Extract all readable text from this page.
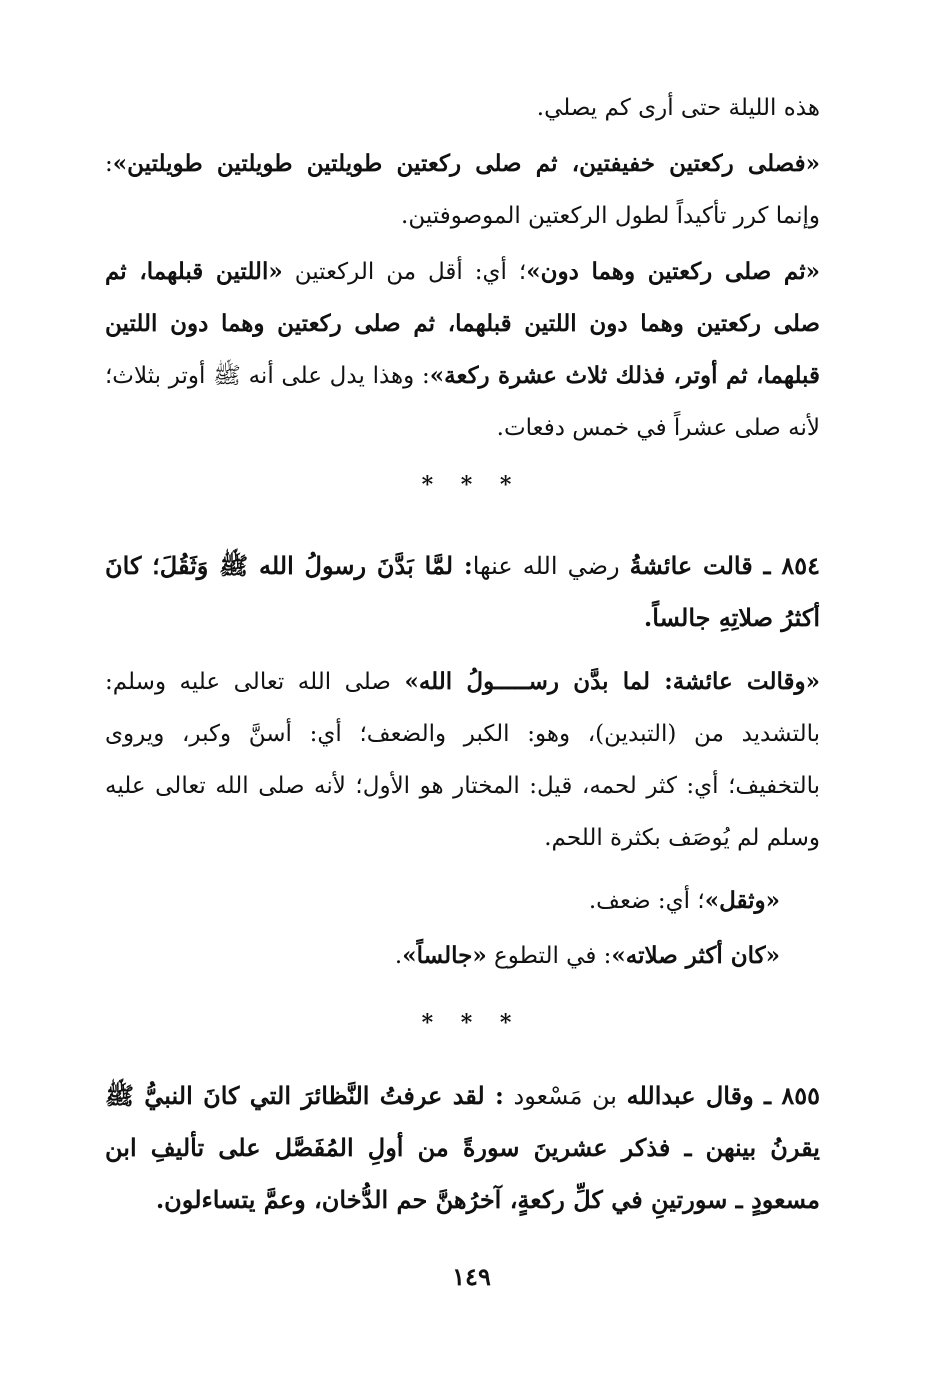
هذه الليلة حتى أرى كم يصلي.

«فصلى ركعتين خفيفتين، ثم صلى ركعتين طويلتين طويلتين طويلتين»: وإنما كرر تأكيداً لطول الركعتين الموصوفتين.

«ثم صلى ركعتين وهما دون»؛ أي: أقل من الركعتين «اللتين قبلهما، ثم صلى ركعتين وهما دون اللتين قبلهما، ثم صلى ركعتين وهما دون اللتين قبلهما، ثم أوتر، فذلك ثلاث عشرة ركعة»: وهذا يدل على أنه ﷺ أوتر بثلاث؛ لأنه صلى عشراً في خمس دفعات.

* * *

٨٥٤ ـ قالت عائشةُ رضي الله عنها: لمَّا بَدَّنَ رسولُ الله ﷺ وَثَقُلَ؛ كانَ أكثرُ صلاتِهِ جالساً.

«وقالت عائشة: لما بدَّن رســـــولُ الله» صلى الله تعالى عليه وسلم: بالتشديد من (التبدين)، وهو: الكبر والضعف؛ أي: أسنَّ وكبر، ويروى بالتخفيف؛ أي: كثر لحمه، قيل: المختار هو الأول؛ لأنه صلى الله تعالى عليه وسلم لم يُوصَف بكثرة اللحم.

«وثقل»؛ أي: ضعف.

«كان أكثر صلاته»: في التطوع «جالساً».

* * *

٨٥٥ ـ وقال عبدالله بن مَسْعود : لقد عرفتُ النَّظائرَ التي كانَ النبيُّ ﷺ يقرنُ بينهن ـ فذكر عشرينَ سورةً من أولِ المُفَصَّل على تأليفِ ابن مسعودٍ ـ سورتينِ في كلِّ ركعةٍ، آخرُهنَّ حم الدُّخان، وعمَّ يتساءلون.

١٤٩
